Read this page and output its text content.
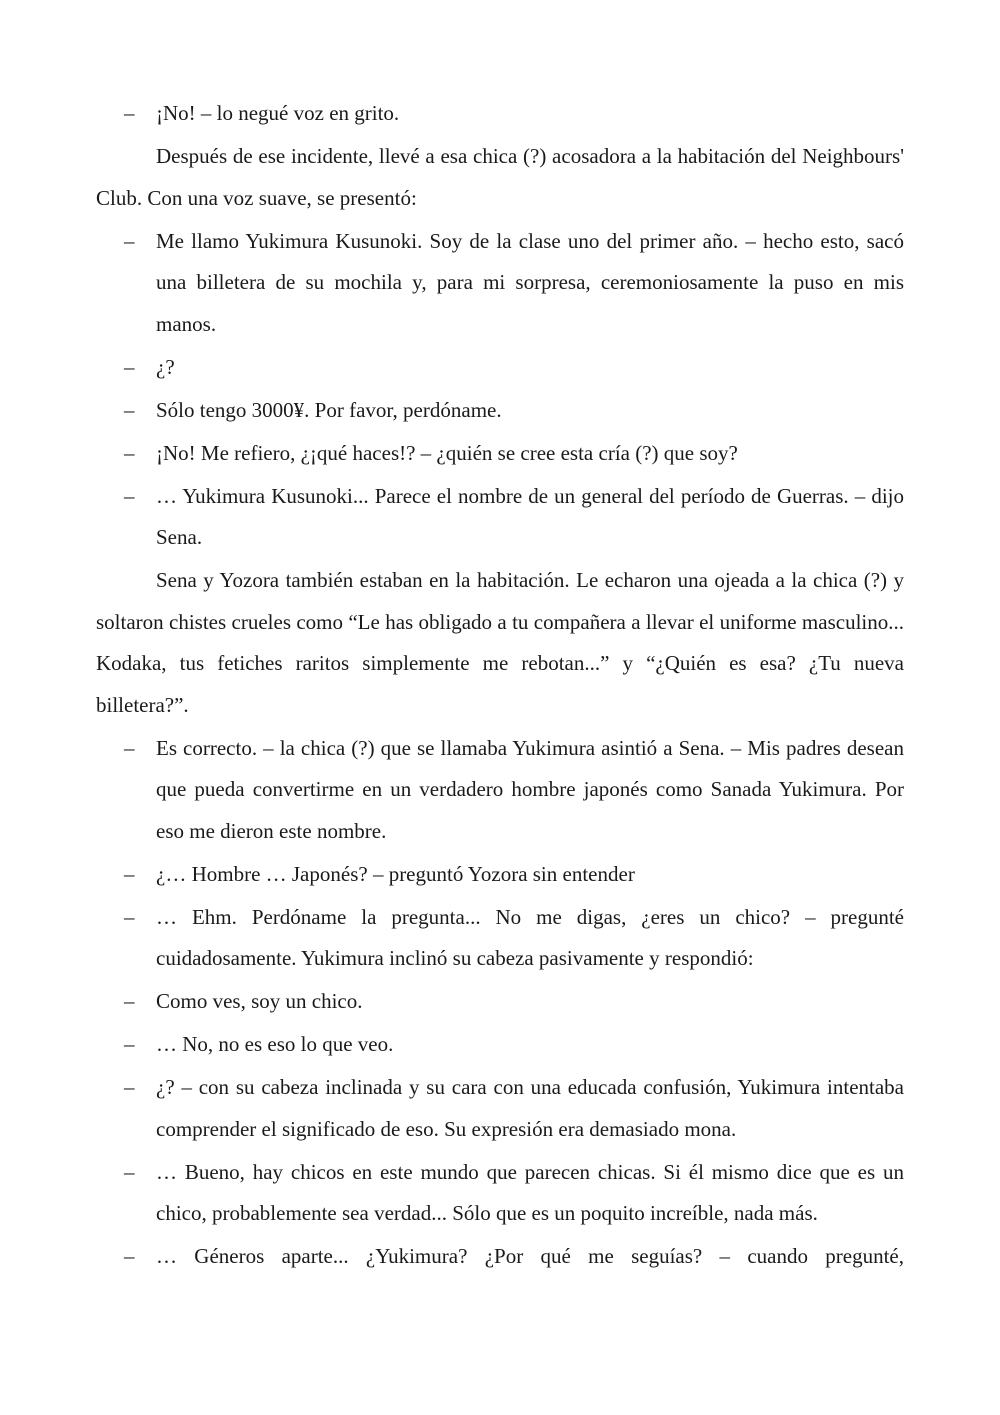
– ¡No! – lo negué voz en grito.

Después de ese incidente, llevé a esa chica (?) acosadora a la habitación del Neighbours' Club. Con una voz suave, se presentó:

– Me llamo Yukimura Kusunoki. Soy de la clase uno del primer año. – hecho esto, sacó una billetera de su mochila y, para mi sorpresa, ceremoniosamente la puso en mis manos.

– ¿?

– Sólo tengo 3000¥. Por favor, perdóname.

– ¡No! Me refiero, ¿¡qué haces!? – ¿quién se cree esta cría (?) que soy?

– … Yukimura Kusunoki... Parece el nombre de un general del período de Guerras. – dijo Sena.

Sena y Yozora también estaban en la habitación. Le echaron una ojeada a la chica (?) y soltaron chistes crueles como “Le has obligado a tu compañera a llevar el uniforme masculino... Kodaka, tus fetiches raritos simplemente me rebotan...” y “¿Quién es esa? ¿Tu nueva billetera?”.

– Es correcto. – la chica (?) que se llamaba Yukimura asintió a Sena. – Mis padres desean que pueda convertirme en un verdadero hombre japonés como Sanada Yukimura. Por eso me dieron este nombre.

– ¿… Hombre … Japonés? – preguntó Yozora sin entender

– … Ehm. Perdóname la pregunta... No me digas, ¿eres un chico? – pregunté cuidadosamente. Yukimura inclinó su cabeza pasivamente y respondió:

– Como ves, soy un chico.

– … No, no es eso lo que veo.

– ¿? – con su cabeza inclinada y su cara con una educada confusión, Yukimura intentaba comprender el significado de eso. Su expresión era demasiado mona.

– … Bueno, hay chicos en este mundo que parecen chicas. Si él mismo dice que es un chico, probablemente sea verdad... Sólo que es un poquito increíble, nada más.

– … Géneros aparte... ¿Yukimura? ¿Por qué me seguías? – cuando pregunté,
